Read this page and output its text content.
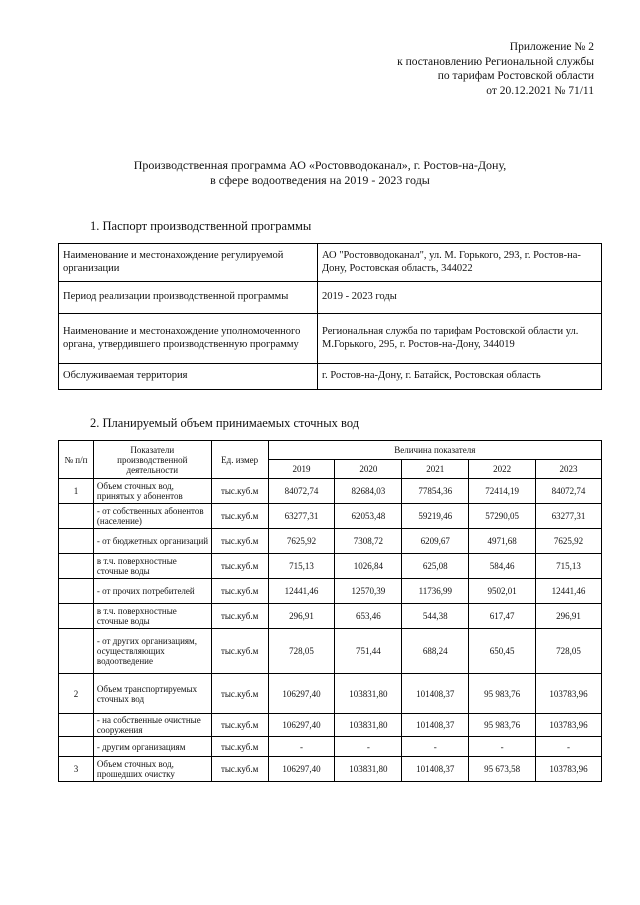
Приложение № 2
к постановлению Региональной службы
по тарифам Ростовской области
от 20.12.2021 № 71/11
Производственная программа АО «Ростовводоканал», г. Ростов-на-Дону,
в сфере водоотведения на 2019 - 2023 годы
1. Паспорт производственной программы
Наименование и местонахождение регулируемой организации	АО "Ростовводоканал", ул. М. Горького, 293, г. Ростов-на-Дону, Ростовская область, 344022
Период реализации производственной программы	2019 - 2023 годы
Наименование и местонахождение уполномоченного органа, утвердившего производственную программу	Региональная служба по тарифам Ростовской области ул. М.Горького, 295, г. Ростов-на-Дону, 344019
Обслуживаемая территория	г. Ростов-на-Дону, г. Батайск, Ростовская область
2. Планируемый объем принимаемых сточных вод
№ п/п	Показатели производственной деятельности	Ед. измер	Величина показателя				
			2019	2020	2021	2022	2023
1	Объем сточных вод, принятых у абонентов	тыс.куб.м	84072,74	82684,03	77854,36	72414,19	84072,74
	- от собственных абонентов (население)	тыс.куб.м	63277,31	62053,48	59219,46	57290,05	63277,31
	- от бюджетных организаций	тыс.куб.м	7625,92	7308,72	6209,67	4971,68	7625,92
	в т.ч. поверхностные сточные воды	тыс.куб.м	715,13	1026,84	625,08	584,46	715,13
	- от прочих потребителей	тыс.куб.м	12441,46	12570,39	11736,99	9502,01	12441,46
	в т.ч. поверхностные сточные воды	тыс.куб.м	296,91	653,46	544,38	617,47	296,91
	- от других организациям, осуществляющих водоотведение	тыс.куб.м	728,05	751,44	688,24	650,45	728,05
2	Объем транспортируемых сточных вод	тыс.куб.м	106297,40	103831,80	101408,37	95 983,76	103783,96
	- на собственные очистные сооружения	тыс.куб.м	106297,40	103831,80	101408,37	95 983,76	103783,96
	- другим организациям	тыс.куб.м	-	-	-	-	-
3	Объем сточных вод, прошедших очистку	тыс.куб.м	106297,40	103831,80	101408,37	95 673,58	103783,96
